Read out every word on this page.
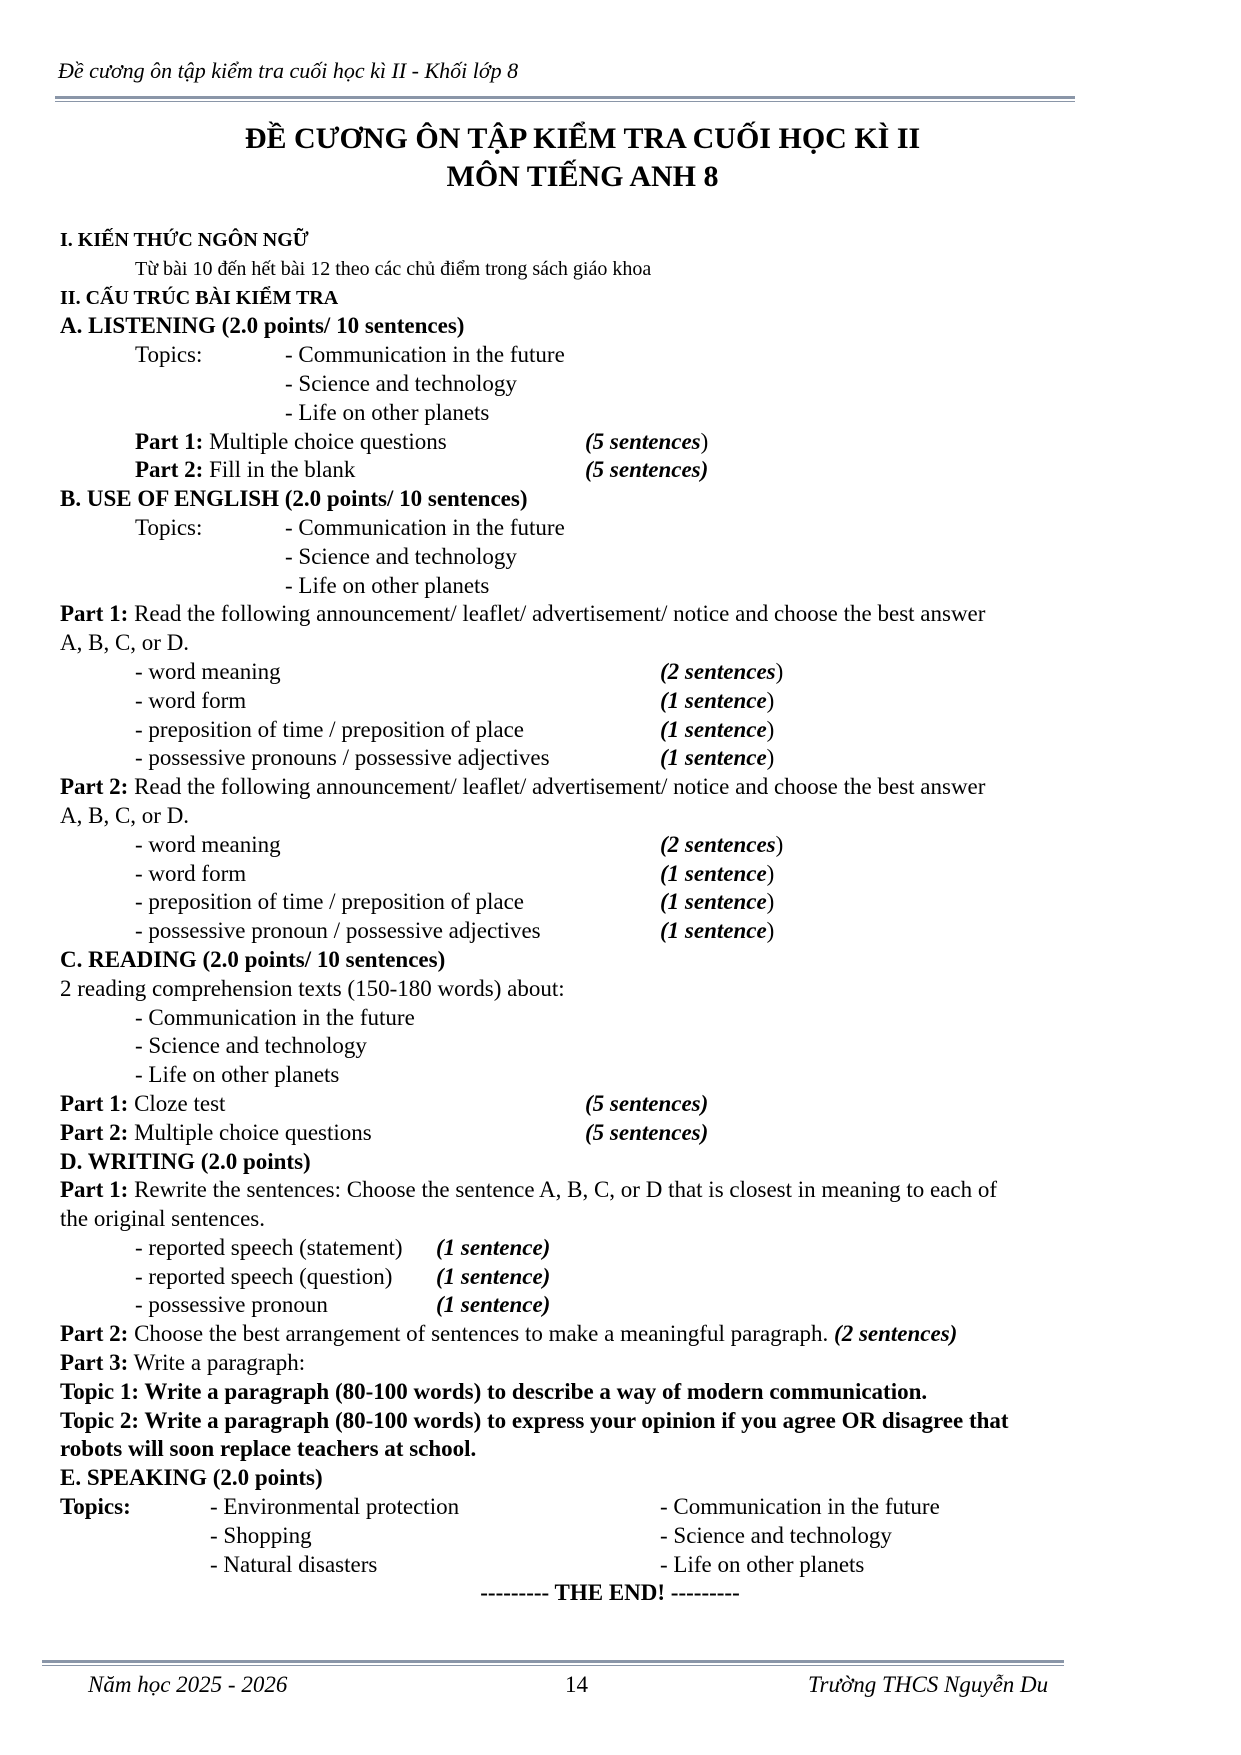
Đề cương ôn tập kiểm tra cuối học kì II - Khối lớp 8
ĐỀ CƯƠNG ÔN TẬP KIỂM TRA CUỐI HỌC KÌ II
MÔN TIẾNG ANH 8
I. KIẾN THỨC NGÔN NGỮ
Từ bài 10 đến hết bài 12 theo các chủ điểm trong sách giáo khoa
II. CẤU TRÚC BÀI KIỂM TRA
A. LISTENING (2.0 points/ 10 sentences)
Topics:	- Communication in the future
- Science and technology
- Life on other planets
Part 1: Multiple choice questions	(5 sentences)
Part 2: Fill in the blank	(5 sentences)
B. USE OF ENGLISH (2.0 points/ 10 sentences)
Topics:	- Communication in the future
- Science and technology
- Life on other planets
Part 1: Read the following announcement/ leaflet/ advertisement/ notice and choose the best answer
A, B, C, or D.
- word meaning	(2 sentences)
- word form	(1 sentence)
- preposition of time / preposition of place	(1 sentence)
- possessive pronouns / possessive adjectives	(1 sentence)
Part 2: Read the following announcement/ leaflet/ advertisement/ notice and choose the best answer
A, B, C, or D.
- word meaning	(2 sentences)
- word form	(1 sentence)
- preposition of time / preposition of place	(1 sentence)
- possessive pronoun / possessive adjectives	(1 sentence)
C. READING (2.0 points/ 10 sentences)
2 reading comprehension texts (150-180 words) about:
- Communication in the future
- Science and technology
- Life on other planets
Part 1: Cloze test	(5 sentences)
Part 2: Multiple choice questions	(5 sentences)
D. WRITING (2.0 points)
Part 1: Rewrite the sentences: Choose the sentence A, B, C, or D that is closest in meaning to each of
the original sentences.
- reported speech (statement) (1 sentence)
- reported speech (question) (1 sentence)
- possessive pronoun	(1 sentence)
Part 2: Choose the best arrangement of sentences to make a meaningful paragraph. (2 sentences)
Part 3: Write a paragraph:
Topic 1: Write a paragraph (80-100 words) to describe a way of modern communication.
Topic 2: Write a paragraph (80-100 words) to express your opinion if you agree OR disagree that
robots will soon replace teachers at school.
E. SPEAKING (2.0 points)
Topics:	- Environmental protection	- Communication in the future
- Shopping	- Science and technology
- Natural disasters	- Life on other planets
--------- THE END! ---------
Năm học 2025 - 2026	14	Trường THCS Nguyễn Du
